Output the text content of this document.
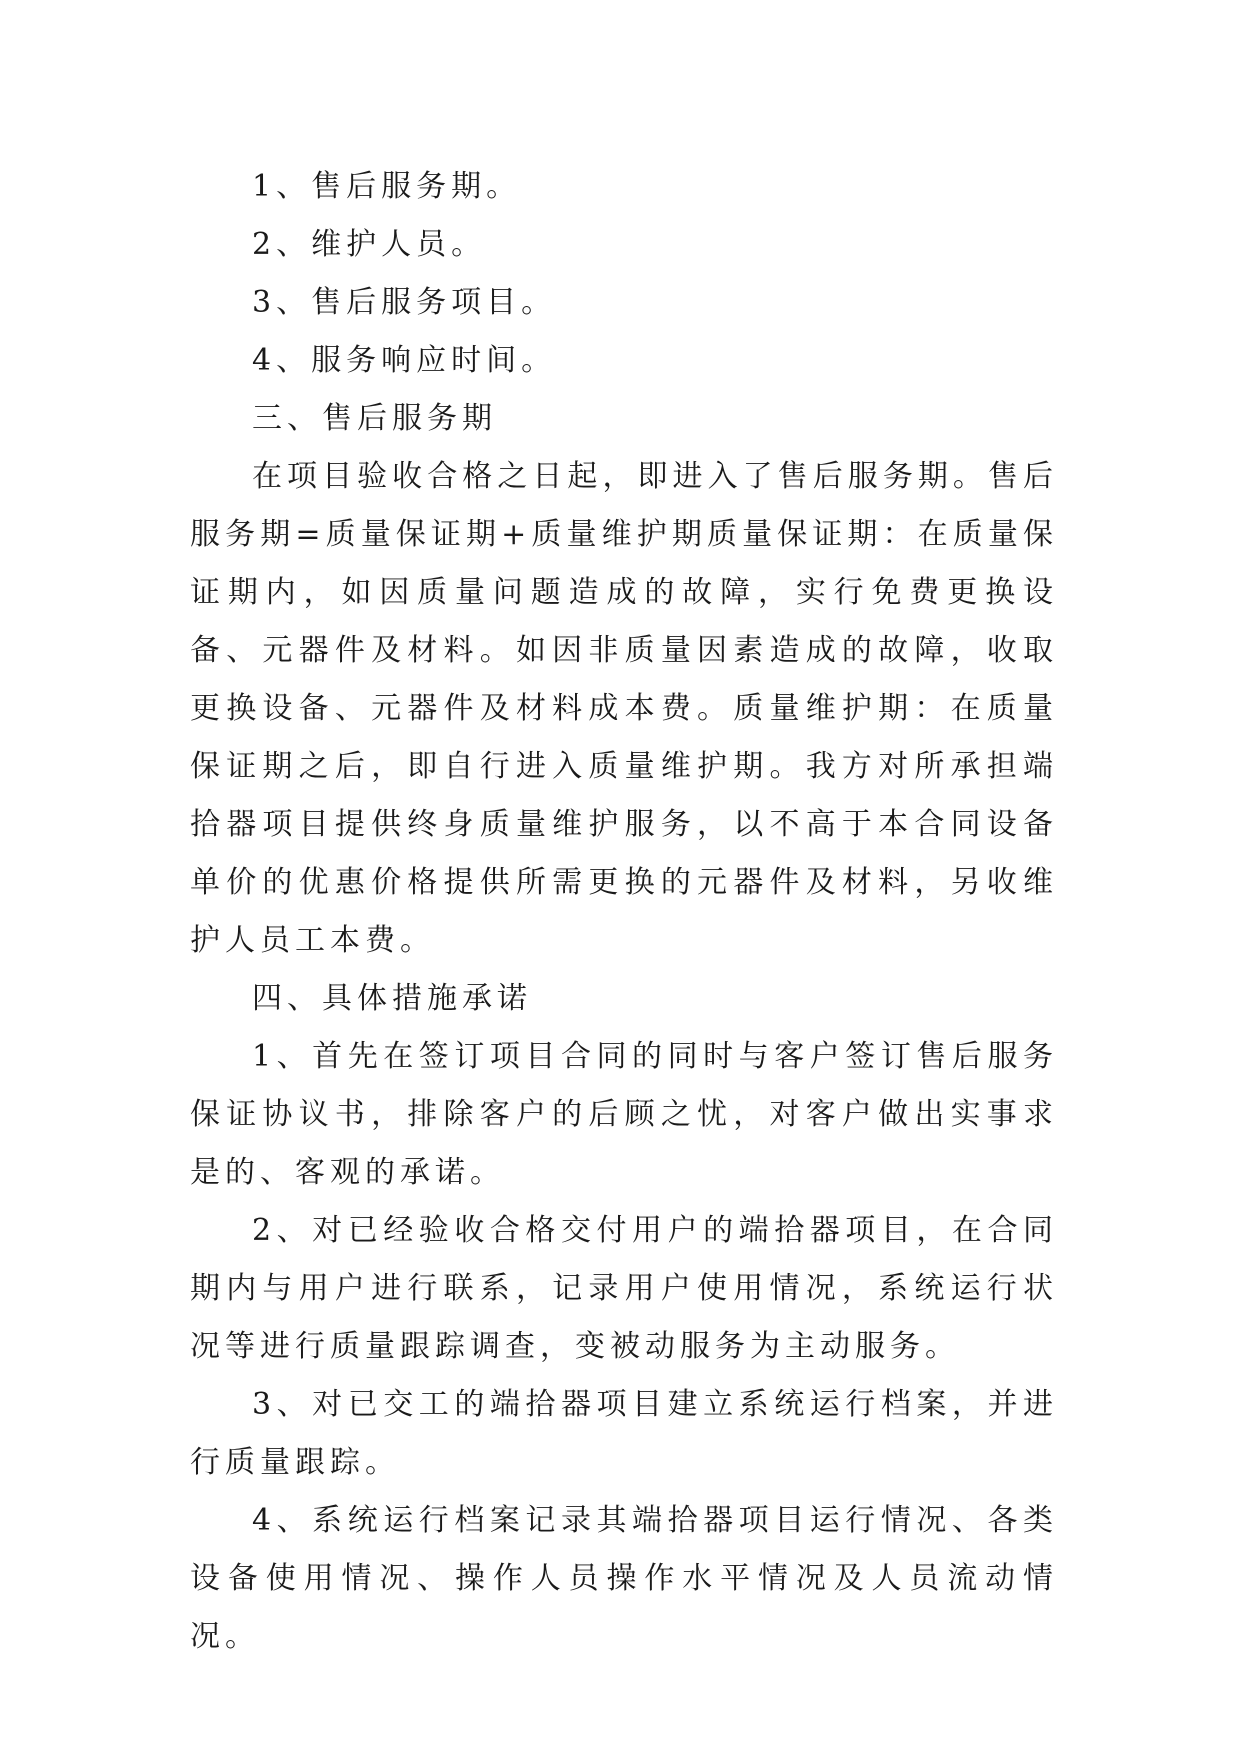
1、售后服务期。

2、维护人员。

3、售后服务项目。

4、服务响应时间。

三、售后服务期

在项目验收合格之日起，即进入了售后服务期。售后服务期=质量保证期+质量维护期质量保证期：在质量保证期内，如因质量问题造成的故障，实行免费更换设备、元器件及材料。如因非质量因素造成的故障，收取更换设备、元器件及材料成本费。质量维护期：在质量保证期之后，即自行进入质量维护期。我方对所承担端拾器项目提供终身质量维护服务，以不高于本合同设备单价的优惠价格提供所需更换的元器件及材料，另收维护人员工本费。

四、具体措施承诺

1、首先在签订项目合同的同时与客户签订售后服务保证协议书，排除客户的后顾之忧，对客户做出实事求是的、客观的承诺。

2、对已经验收合格交付用户的端拾器项目，在合同期内与用户进行联系，记录用户使用情况，系统运行状况等进行质量跟踪调查，变被动服务为主动服务。

3、对已交工的端拾器项目建立系统运行档案，并进行质量跟踪。

4、系统运行档案记录其端拾器项目运行情况、各类设备使用情况、操作人员操作水平情况及人员流动情况。
